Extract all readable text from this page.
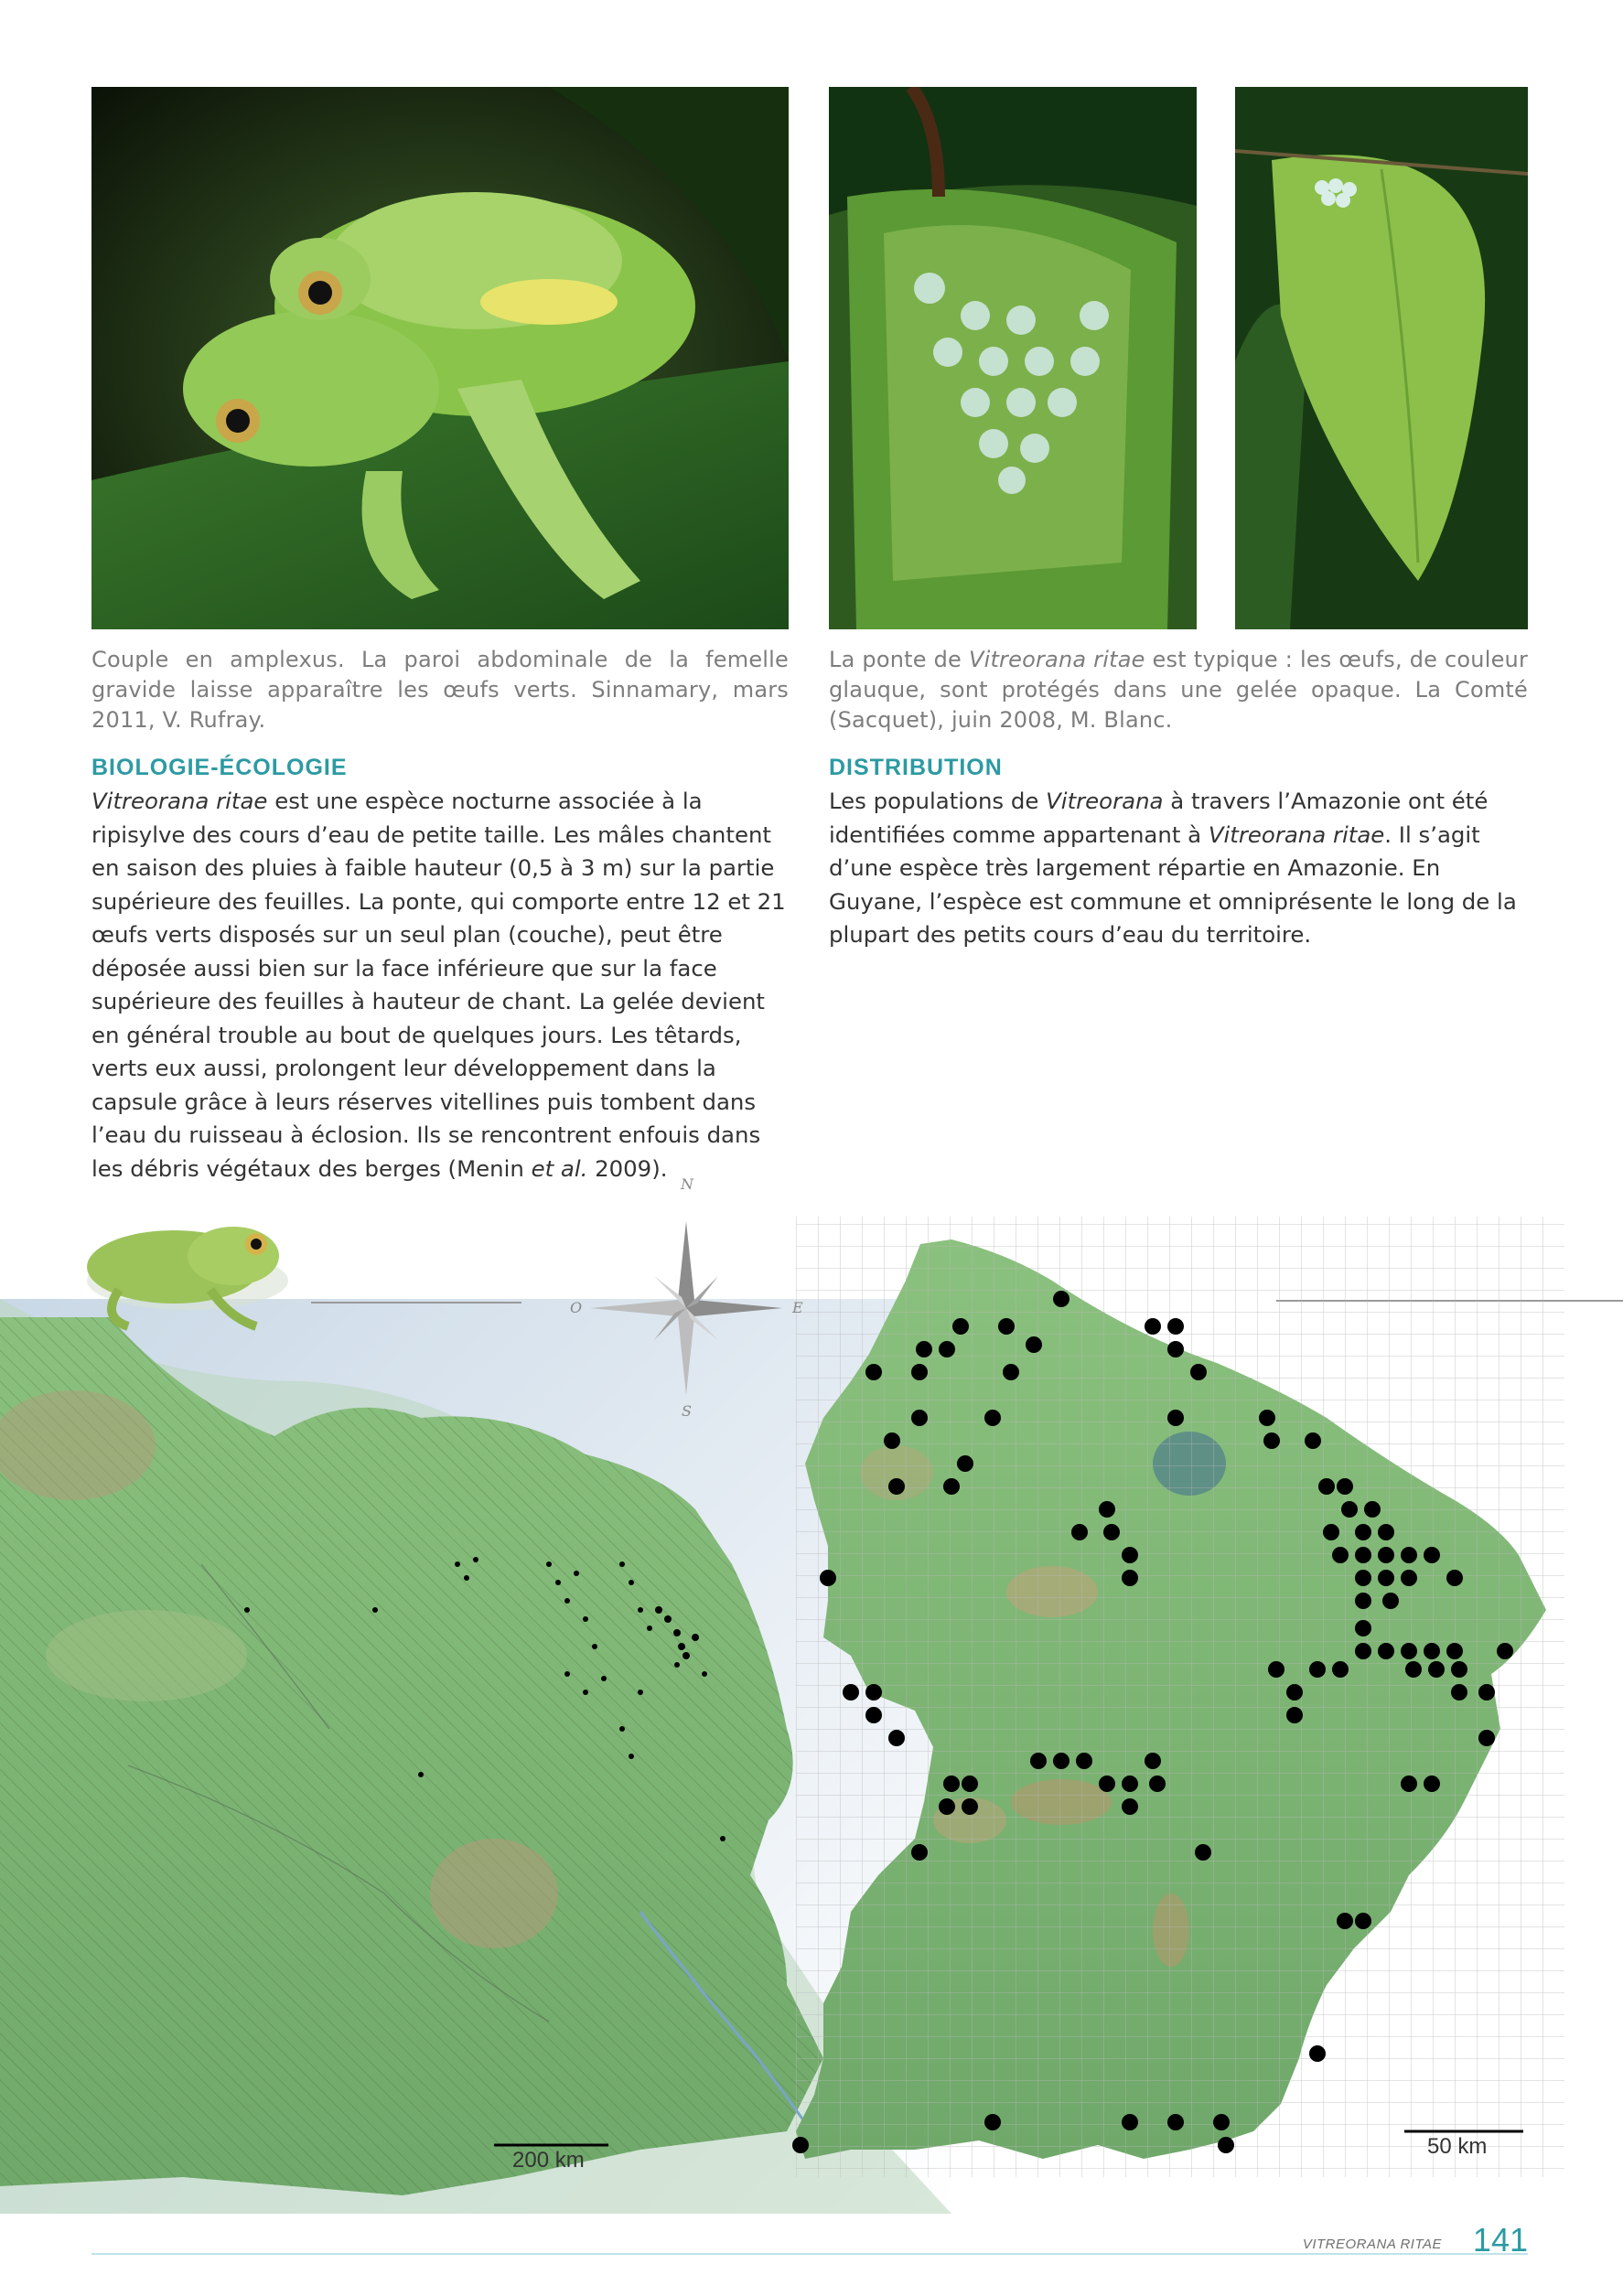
Couple en amplexus. La paroi abdominale de la femelle gravide laisse apparaître les œufs verts. Sinnamary, mars 2011, V. Rufray.
La ponte de Vitreorana ritae est typique : les œufs, de couleur glauque, sont protégés dans une gelée opaque. La Comté (Sacquet), juin 2008, M. Blanc.
BIOLOGIE-ÉCOLOGIE
Vitreorana ritae est une espèce nocturne associée à la ripisylve des cours d’eau de petite taille. Les mâles chantent en saison des pluies à faible hauteur (0,5 à 3 m) sur la partie supérieure des feuilles. La ponte, qui comporte entre 12 et 21 œufs verts disposés sur un seul plan (couche), peut être déposée aussi bien sur la face inférieure que sur la face supérieure des feuilles à hauteur de chant. La gelée devient en général trouble au bout de quelques jours. Les têtards, verts eux aussi, prolongent leur développement dans la capsule grâce à leurs réserves vitellines puis tombent dans l’eau du ruisseau à éclosion. Ils se rencontrent enfouis dans les débris végétaux des berges (Menin et al. 2009).
DISTRIBUTION
Les populations de Vitreorana à travers l’Amazonie ont été identifiées comme appartenant à Vitreorana ritae. Il s’agit d’une espèce très largement répartie en Amazonie. En Guyane, l’espèce est commune et omniprésente le long de la plupart des petits cours d’eau du territoire.
N
S
E
O
200 km
50 km
VITREORANA RITAE 141
